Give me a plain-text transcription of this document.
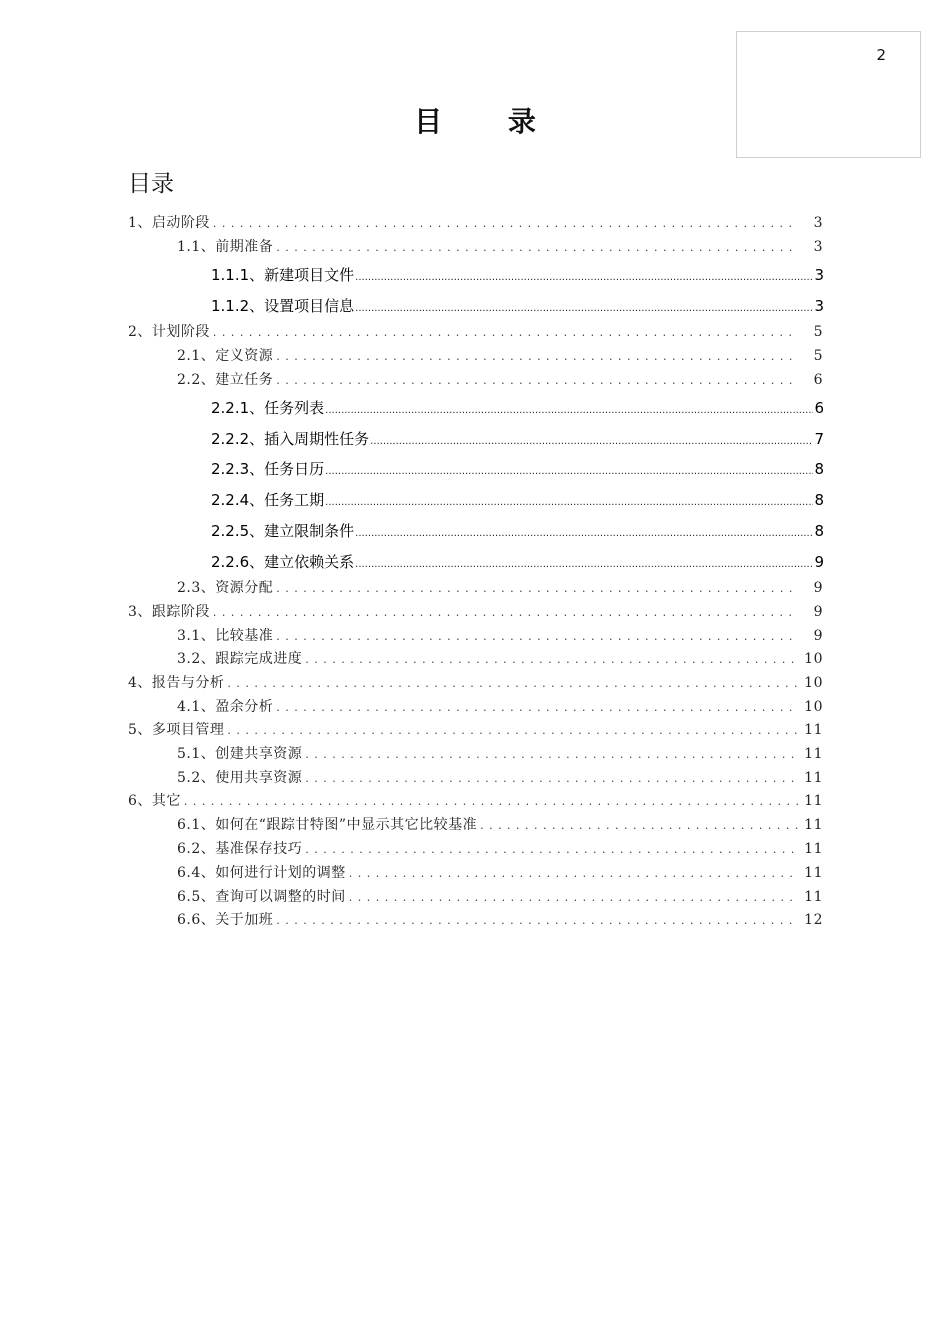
2
目 录
目录
1、启动阶段 . . .	3
1.1、前期准备 . . .	3
1.1.1、新建项目文件 .....	3
1.1.2、设置项目信息 .....	3
2、计划阶段 . . .	5
2.1、定义资源 . . .	5
2.2、建立任务 . . .	6
2.2.1、任务列表 .....	6
2.2.2、插入周期性任务 .....	7
2.2.3、任务日历 .....	8
2.2.4、任务工期 .....	8
2.2.5、建立限制条件 .....	8
2.2.6、建立依赖关系 .....	9
2.3、资源分配 . . .	9
3、跟踪阶段 . . .	9
3.1、比较基准 . . .	9
3.2、跟踪完成进度 . . .	10
4、报告与分析 . . .	10
4.1、盈余分析 . . .	10
5、多项目管理 . . .	11
5.1、创建共享资源 . . .	11
5.2、使用共享资源 . . .	11
6、其它 . . .	11
6.1、如何在“跟踪甘特图”中显示其它比较基准 . . .	11
6.2、基准保存技巧 . . .	11
6.4、如何进行计划的调整 . . .	11
6.5、查询可以调整的时间 . . .	11
6.6、关于加班 . . .	12
